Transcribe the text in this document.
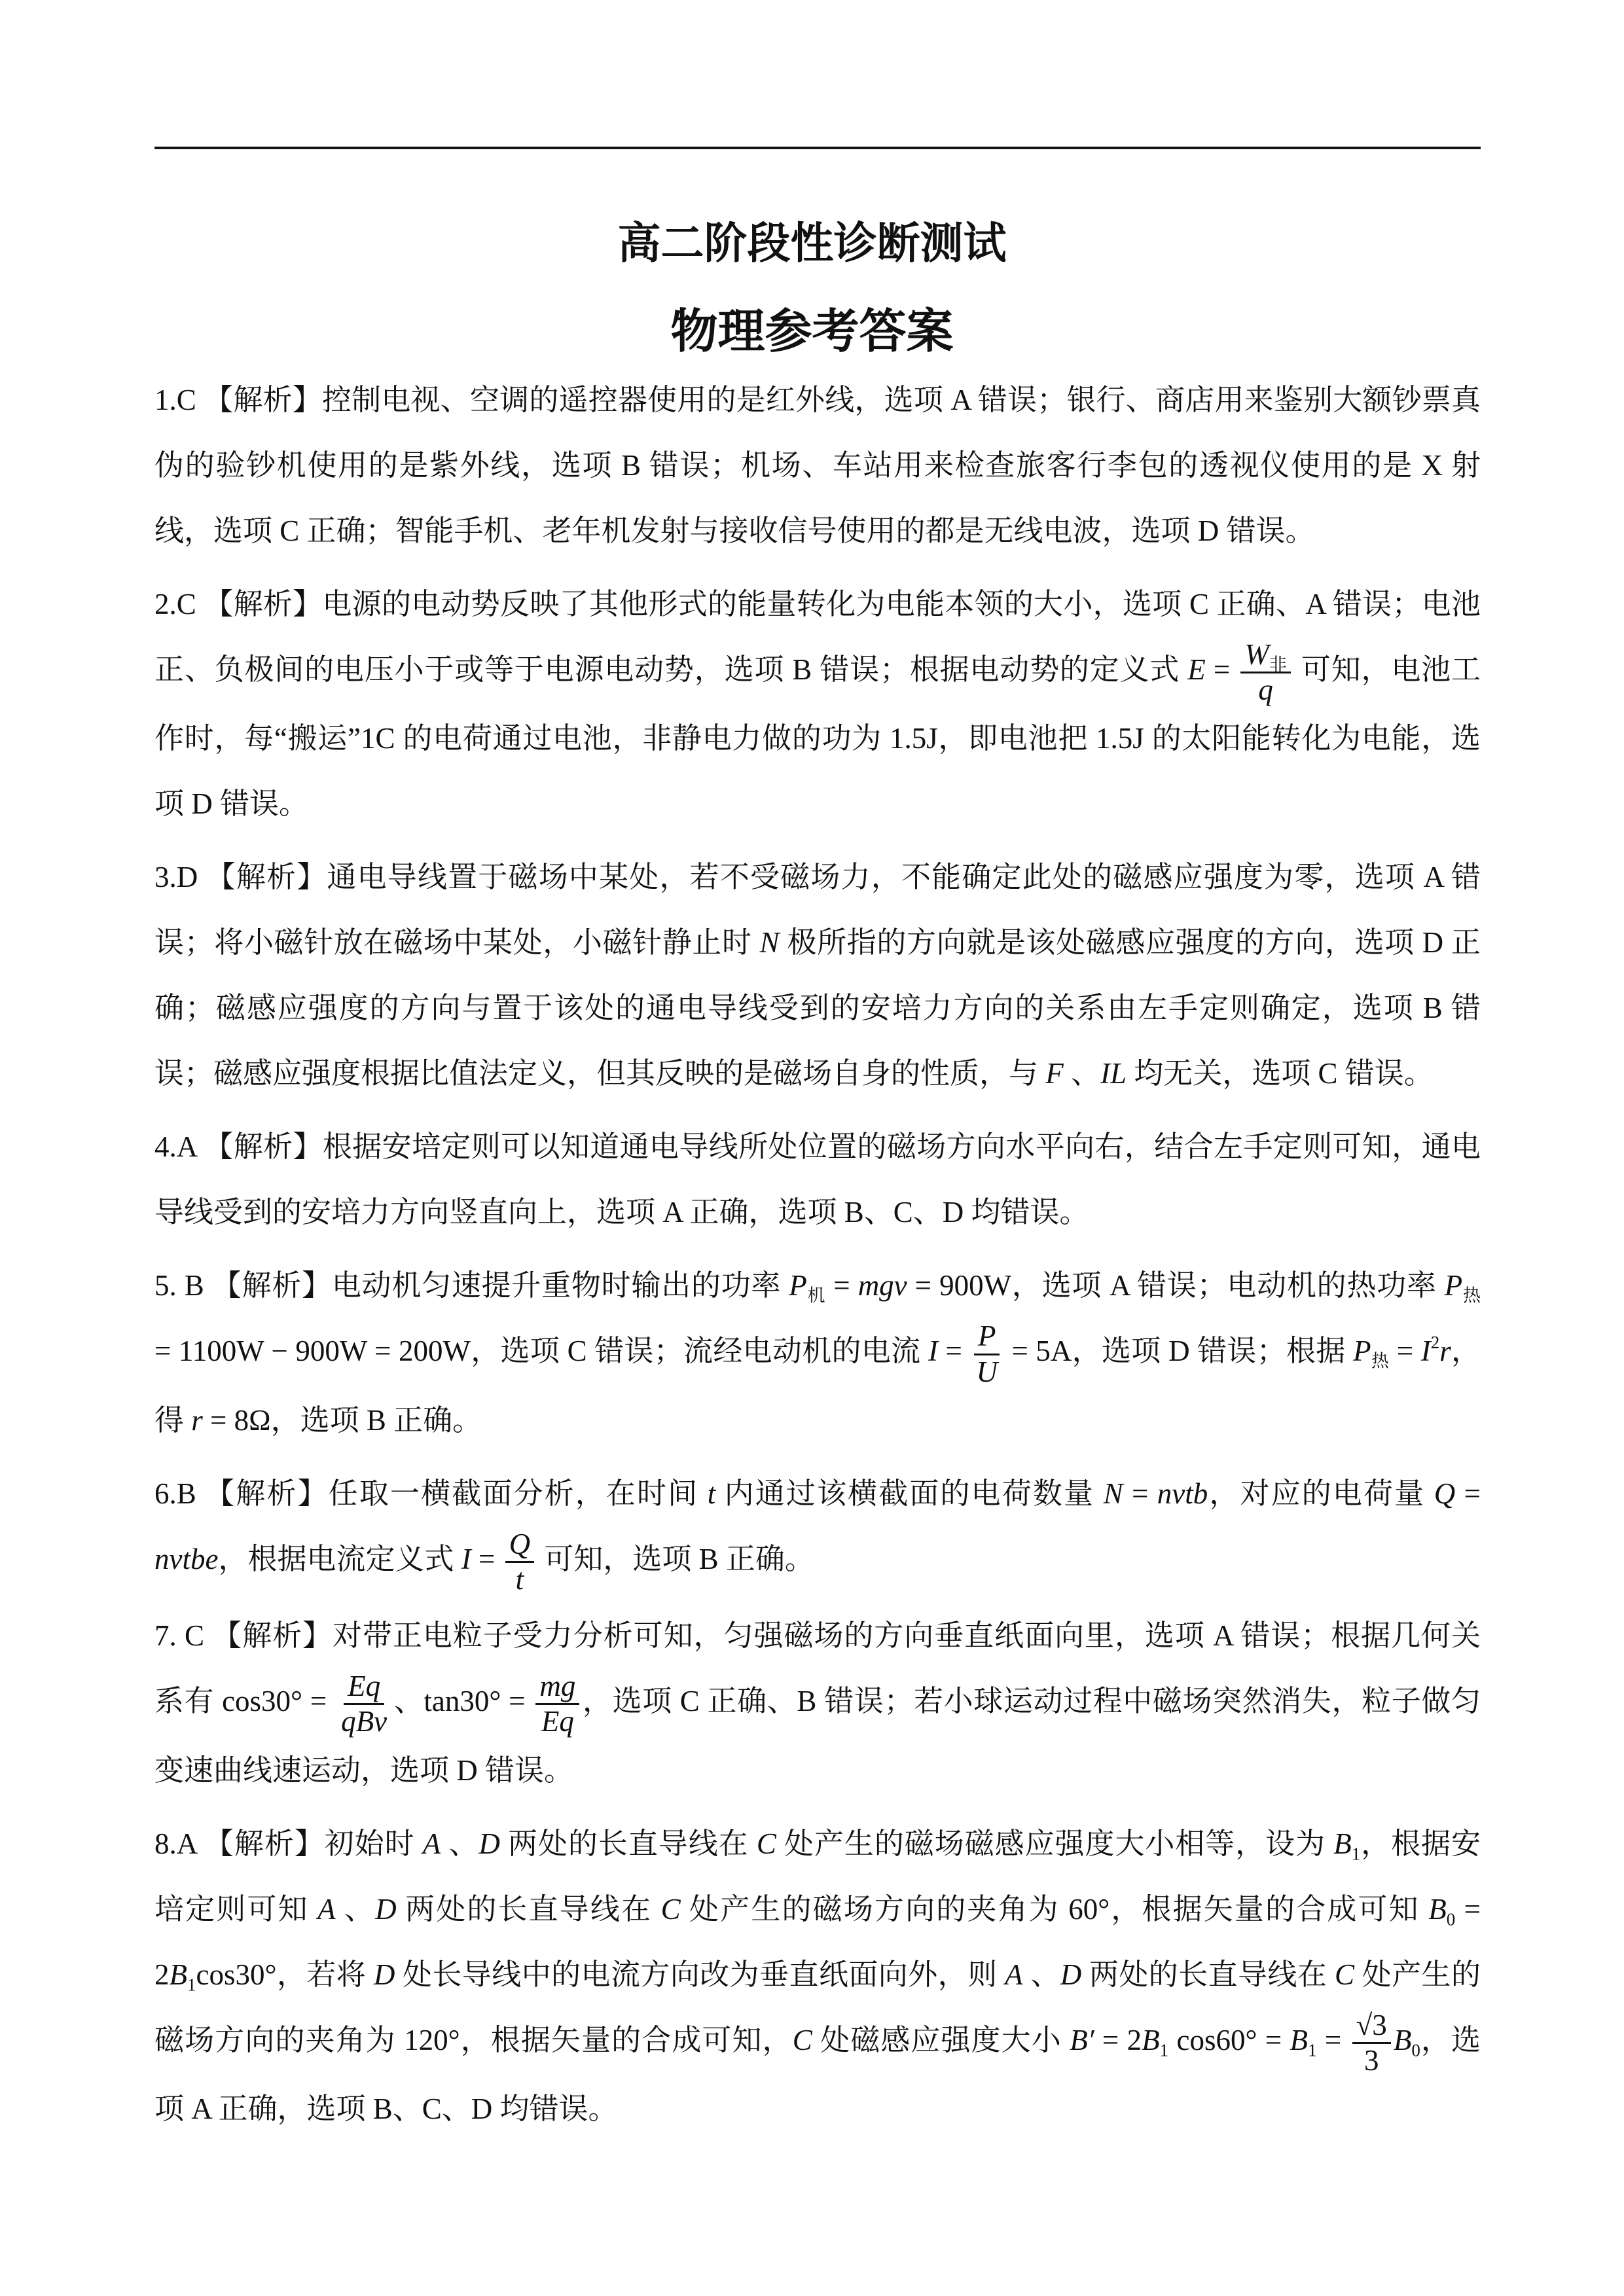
高二阶段性诊断测试
物理参考答案
1.C 【解析】控制电视、空调的遥控器使用的是红外线，选项 A 错误；银行、商店用来鉴别大额钞票真伪的验钞机使用的是紫外线，选项 B 错误；机场、车站用来检查旅客行李包的透视仪使用的是 X 射线，选项 C 正确；智能手机、老年机发射与接收信号使用的都是无线电波，选项 D 错误。
2.C 【解析】电源的电动势反映了其他形式的能量转化为电能本领的大小，选项 C 正确、A 错误；电池正、负极间的电压小于或等于电源电动势，选项 B 错误；根据电动势的定义式 $E = \frac{W_非}{q}$ 可知，电池工作时，每“搬运”1C 的电荷通过电池，非静电力做的功为 1.5J，即电池把 1.5J 的太阳能转化为电能，选项 D 错误。
3.D 【解析】通电导线置于磁场中某处，若不受磁场力，不能确定此处的磁感应强度为零，选项 A 错误；将小磁针放在磁场中某处，小磁针静止时 N 极所指的方向就是该处磁感应强度的方向，选项 D 正确；磁感应强度的方向与置于该处的通电导线受到的安培力方向的关系由左手定则确定，选项 B 错误；磁感应强度根据比值法定义，但其反映的是磁场自身的性质，与 F 、IL 均无关，选项 C 错误。
4.A 【解析】根据安培定则可以知道通电导线所处位置的磁场方向水平向右，结合左手定则可知，通电导线受到的安培力方向竖直向上，选项 A 正确，选项 B、C、D 均错误。
5. B 【解析】电动机匀速提升重物时输出的功率 $P_机$ = mgv = 900W，选项 A 错误；电动机的热功率 $P_热 = 1100W - 900W = 200W$，选项 C 错误；流经电动机的电流 $I = \frac{P}{U} = 5A$，选项 D 错误；根据 $P_热 = I^2r$，得 r = 8Ω，选项 B 正确。
6.B 【解析】任取一横截面分析，在时间 t 内通过该横截面的电荷数量 N = nvtb，对应的电荷量 Q = nvtbe，根据电流定义式 $I = \frac{Q}{t}$ 可知，选项 B 正确。
7. C 【解析】对带正电粒子受力分析可知，匀强磁场的方向垂直纸面向里，选项 A 错误；根据几何关系有 $\cos 30^\circ = \frac{Eq}{\text{qBv}}$ 、$\tan 30^\circ = \frac{mg}{Eq}$ ，选项 C 正确、B 错误；若小球运动过程中磁场突然消失，粒子做匀变速曲线速运动，选项 D 错误。
8.A 【解析】初始时 A 、D 两处的长直导线在 C 处产生的磁场磁感应强度大小相等，设为 $B_1$，根据安培定则可知 A 、D 两处的长直导线在 C 处产生的磁场方向的夹角为 60°，根据矢量的合成可知 $B_0 = 2B_1\cos 30^\circ$，若将 D 处长导线中的电流方向改为垂直纸面向外，则 A 、D 两处的长直导线在 C 处产生的磁场方向的夹角为 120°，根据矢量的合成可知，C 处磁感应强度大小 $B' = 2B_1$ $\cos 60^\circ = B_1 = \frac{√3}{3} B_0$，选项 A 正确，选项 B、C、D 均错误。
